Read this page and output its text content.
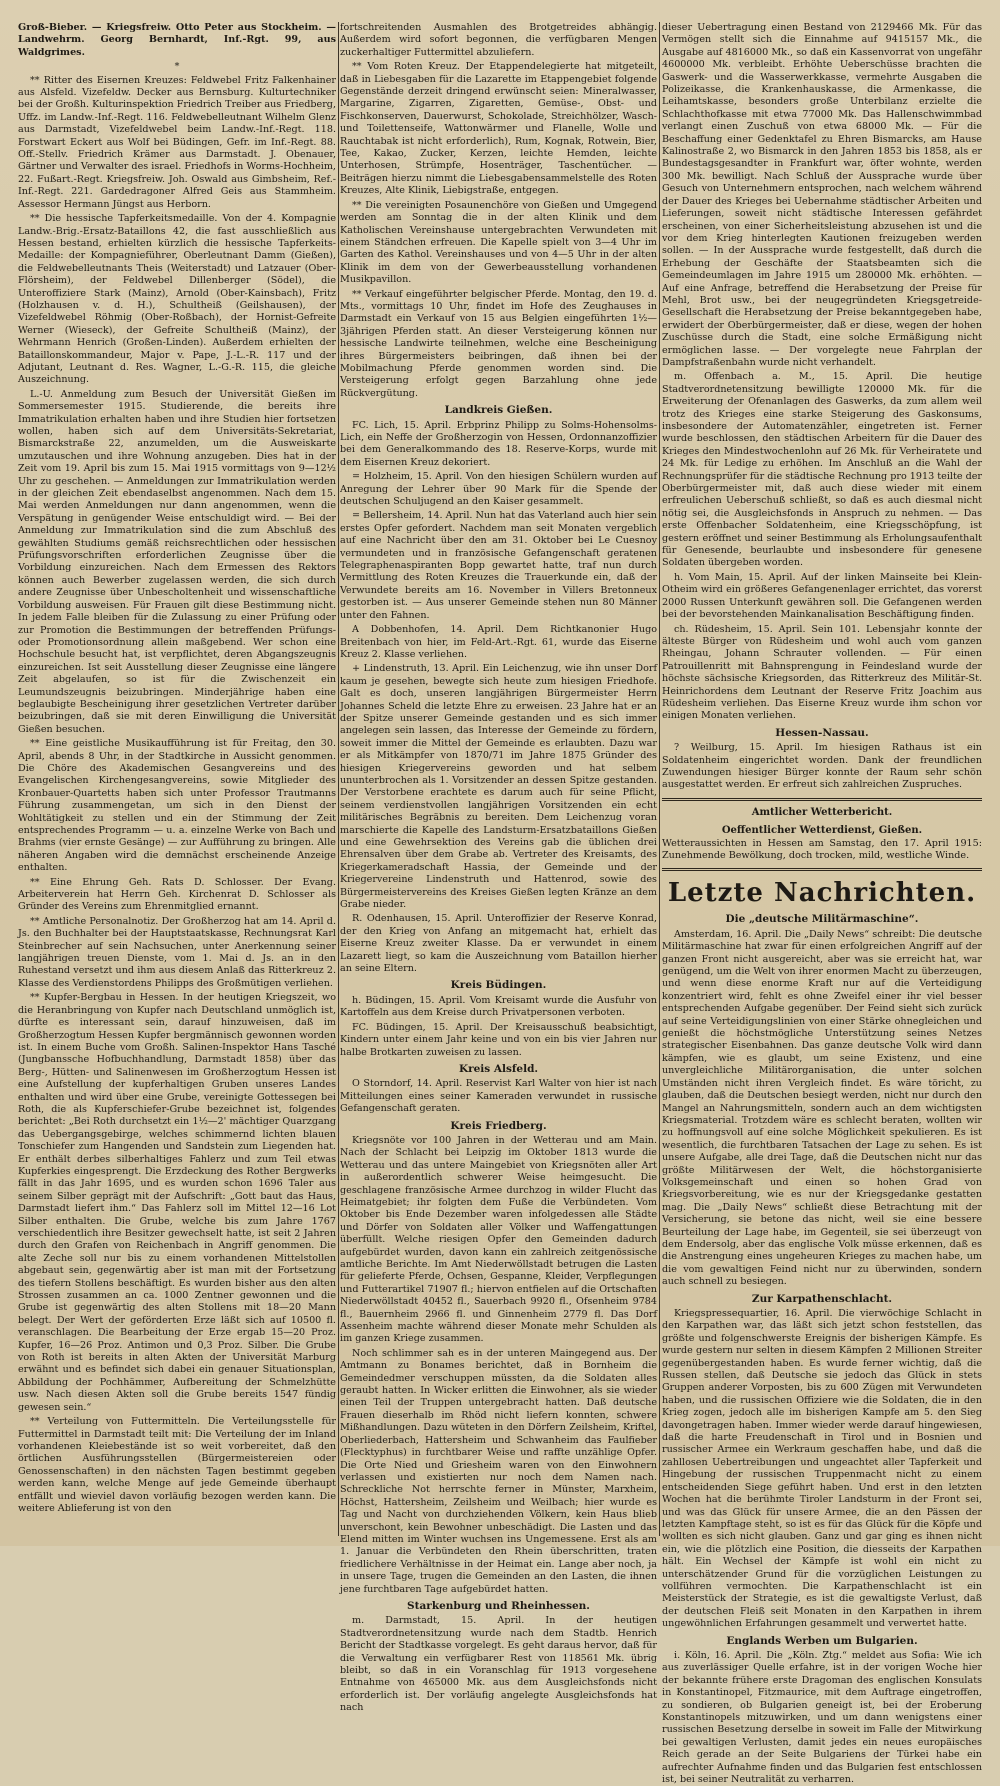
Groß-Bieber. — Kriegsfreiw. Otto Peter aus Stockheim. — Landwehrm. Georg Bernhardt, Inf.-Rgt. 99, aus Waldgrimes.

*

** Ritter des Eisernen Kreuzes: Feldwebel Fritz Falkenhainer aus Alsfeld. Vizefeldw. Decker aus Bernsburg. Kulturtechniker bei der Großh. Kulturinspektion Friedrich Treiber aus Friedberg, Uffz. im Landw.-Inf.-Regt. 116. Feldwebelleutnant Wilhelm Glenz aus Darmstadt, Vizefeldwebel beim Landw.-Inf.-Regt. 118. Forstwart Eckert aus Wolf bei Büdingen, Gefr. im Inf.-Regt. 88. Off.-Stellv. Friedrich Krämer aus Darmstadt. J. Obenauer, Gärtner und Verwalter des israel. Friedhofs in Worms-Hochheim, 22. Fußart.-Regt. Kriegsfreiw. Joh. Oswald aus Gimbsheim, Ref.-Inf.-Regt. 221. Gardedragoner Alfred Geis aus Stammheim. Assessor Hermann Jüngst aus Herborn.

** Die hessische Tapferkeitsmedaille. Von der 4. Kompagnie Landw.-Brig.-Ersatz-Bataillons 42, die fast ausschließlich aus Hessen bestand, erhielten kürzlich die hessische Tapferkeits-Medaille: der Kompagnieführer, Oberleutnant Damm (Gießen), die Feldwebelleutnants Theis (Weiterstadt) und Latzauer (Ober-Flörsheim), der Feldwebel Dillenberger (Södel), die Unteroffiziere Stark (Mainz), Arnold (Ober-Kainsbach), Fritz (Holzhausen v. d. H.), Schultheiß (Geilshausen), der Vizefeldwebel Röhmig (Ober-Roßbach), der Hornist-Gefreite Werner (Wieseck), der Gefreite Schultheiß (Mainz), der Wehrmann Henrich (Großen-Linden). Außerdem erhielten der Bataillonskommandeur, Major v. Pape, J.-L.-R. 117 und der Adjutant, Leutnant d. Res. Wagner, L.-G.-R. 115, die gleiche Auszeichnung.

L.-U. Anmeldung zum Besuch der Universität Gießen im Sommersemester 1915. Studierende, die bereits ihre Immatrikulation erhalten haben und ihre Studien hier fortsetzen wollen, haben sich auf dem Universitäts-Sekretariat, Bismarckstraße 22, anzumelden, um die Ausweiskarte umzutauschen und ihre Wohnung anzugeben. Dies hat in der Zeit vom 19. April bis zum 15. Mai 1915 vormittags von 9—12½ Uhr zu geschehen. — Anmeldungen zur Immatrikulation werden in der gleichen Zeit ebendaselbst angenommen. Nach dem 15. Mai werden Anmeldungen nur dann angenommen, wenn die Verspätung in genügender Weise entschuldigt wird. — Bei der Anmeldung zur Immatrikulation sind die zum Abschluß des gewählten Studiums gemäß reichsrechtlichen oder hessischen Prüfungsvorschriften erforderlichen Zeugnisse über die Vorbildung einzureichen. Nach dem Ermessen des Rektors können auch Bewerber zugelassen werden, die sich durch andere Zeugnisse über Unbescholtenheit und wissenschaftliche Vorbildung ausweisen. Für Frauen gilt diese Bestimmung nicht. In jedem Falle bleiben für die Zulassung zu einer Prüfung oder zur Promotion die Bestimmungen der betreffenden Prüfungs- oder Promotionsordnung allein maßgebend. Wer schon eine Hochschule besucht hat, ist verpflichtet, deren Abgangszeugnis einzureichen. Ist seit Ausstellung dieser Zeugnisse eine längere Zeit abgelaufen, so ist für die Zwischenzeit ein Leumundszeugnis beizubringen. Minderjährige haben eine beglaubigte Bescheinigung ihrer gesetzlichen Vertreter darüber beizubringen, daß sie mit deren Einwilligung die Universität Gießen besuchen.

** Eine geistliche Musikaufführung ist für Freitag, den 30. April, abends 8 Uhr, in der Stadtkirche in Aussicht genommen. Die Chöre des Akademischen Gesangvereins und des Evangelischen Kirchengesangvereins, sowie Mitglieder des Kronbauer-Quartetts haben sich unter Professor Trautmanns Führung zusammengetan, um sich in den Dienst der Wohltätigkeit zu stellen und ein der Stimmung der Zeit entsprechendes Programm — u. a. einzelne Werke von Bach und Brahms (vier ernste Gesänge) — zur Aufführung zu bringen. Alle näheren Angaben wird die demnächst erscheinende Anzeige enthalten.

** Eine Ehrung Geh. Rats D. Schlosser. Der Evang. Arbeiterverein hat Herrn Geh. Kirchenrat D. Schlosser als Gründer des Vereins zum Ehrenmitglied ernannt.

** Amtliche Personalnotiz. Der Großherzog hat am 14. April d. Js. den Buchhalter bei der Hauptstaatskasse, Rechnungsrat Karl Steinbrecher auf sein Nachsuchen, unter Anerkennung seiner langjährigen treuen Dienste, vom 1. Mai d. Js. an in den Ruhestand versetzt und ihm aus diesem Anlaß das Ritterkreuz 2. Klasse des Verdienstordens Philipps des Großmütigen verliehen.

** Kupfer-Bergbau in Hessen. In der heutigen Kriegszeit, wo die Heranbringung von Kupfer nach Deutschland unmöglich ist, dürfte es interessant sein, darauf hinzuweisen, daß im Großherzogtum Hessen Kupfer bergmännisch gewonnen worden ist. In einem Buche vom Großh. Salinen-Inspektor Hans Tasché (Jungbanssche Hofbuchhandlung, Darmstadt 1858) über das Berg-, Hütten- und Salinenwesen im Großherzogtum Hessen ist eine Aufstellung der kupferhaltigen Gruben unseres Landes enthalten und wird über eine Grube, vereinigte Gottessegen bei Roth, die als Kupferschiefer-Grube bezeichnet ist, folgendes berichtet: „Bei Roth durchsetzt ein 1½—2' mächtiger Quarzgang das Uebergangsgebirge, welches schimmernd lichten blauen Tonschiefer zum Hangenden und Sandstein zum Liegenden hat. Er enthält derbes silberhaltiges Fahlerz und zum Teil etwas Kupferkies eingesprengt. Die Erzdeckung des Rother Bergwerks fällt in das Jahr 1695, und es wurden schon 1696 Taler aus seinem Silber geprägt mit der Aufschrift: „Gott baut das Haus, Darmstadt liefert ihm.“ Das Fahlerz soll im Mittel 12—16 Lot Silber enthalten. Die Grube, welche bis zum Jahre 1767 verschiedentlich ihre Besitzer gewechselt hatte, ist seit 2 Jahren durch den Grafen von Reichenbach in Angriff genommen. Die alte Zeche soll nur bis zu einem vorhandenen Mittelstollen abgebaut sein, gegenwärtig aber ist man mit der Fortsetzung des tiefern Stollens beschäftigt. Es wurden bisher aus den alten Strossen zusammen an ca. 1000 Zentner gewonnen und die Grube ist gegenwärtig des alten Stollens mit 18—20 Mann belegt. Der Wert der geförderten Erze läßt sich auf 10500 fl. veranschlagen. Die Bearbeitung der Erze ergab 15—20 Proz. Kupfer, 16—26 Proz. Antimon und 0,3 Proz. Silber. Die Grube von Roth ist bereits in alten Akten der Universität Marburg erwähnt und es befindet sich dabei ein genauer Situationsplan, Abbildung der Pochhämmer, Aufbereitung der Schmelzhütte usw. Nach diesen Akten soll die Grube bereits 1547 fündig gewesen sein.“

** Verteilung von Futtermitteln. Die Verteilungsstelle für Futtermittel in Darmstadt teilt mit: Die Verteilung der im Inland vorhandenen Kleiebestände ist so weit vorbereitet, daß den örtlichen Ausführungsstellen (Bürgermeistereien oder Genossenschaften) in den nächsten Tagen bestimmt gegeben werden kann, welche Menge auf jede Gemeinde überhaupt entfällt und wieviel davon vorläufig bezogen werden kann. Die weitere Ablieferung ist von den

fortschreitenden Ausmahlen des Brotgetreides abhängig. Außerdem wird sofort begonnen, die verfügbaren Mengen zuckerhaltiger Futtermittel abzuliefern.

** Vom Roten Kreuz. Der Etappendelegierte hat mitgeteilt, daß in Liebesgaben für die Lazarette im Etappengebiet folgende Gegenstände derzeit dringend erwünscht seien: Mineralwasser, Margarine, Zigarren, Zigaretten, Gemüse-, Obst- und Fischkonserven, Dauerwurst, Schokolade, Streichhölzer, Wasch- und Toilettenseife, Wattonwärmer und Flanelle, Wolle und Rauchtabak ist nicht erforderlich), Rum, Kognak, Rotwein, Bier, Tee, Kakao, Zucker, Kerzen, leichte Hemden, leichte Unterhosen, Strümpfe, Hosenträger, Taschentücher. — Beiträgen hierzu nimmt die Liebesgabensammelstelle des Roten Kreuzes, Alte Klinik, Liebigstraße, entgegen.

** Die vereinigten Posaunenchöre von Gießen und Umgegend werden am Sonntag die in der alten Klinik und dem Katholischen Vereinshause untergebrachten Verwundeten mit einem Ständchen erfreuen. Die Kapelle spielt von 3—4 Uhr im Garten des Kathol. Vereinshauses und von 4—5 Uhr in der alten Klinik im dem von der Gewerbeausstellung vorhandenen Musikpavillon.

** Verkauf eingeführter belgischer Pferde. Montag, den 19. d. Mts., vormittags 10 Uhr, findet im Hofe des Zeughauses in Darmstadt ein Verkauf von 15 aus Belgien eingeführten 1½—3jährigen Pferden statt. An dieser Versteigerung können nur hessische Landwirte teilnehmen, welche eine Bescheinigung ihres Bürgermeisters beibringen, daß ihnen bei der Mobilmachung Pferde genommen worden sind. Die Versteigerung erfolgt gegen Barzahlung ohne jede Rückvergütung.

Landkreis Gießen.

FC. Lich, 15. April. Erbprinz Philipp zu Solms-Hohensolms-Lich, ein Neffe der Großherzogin von Hessen, Ordonnanzoffizier bei dem Generalkommando des 18. Reserve-Korps, wurde mit dem Eisernen Kreuz dekoriert.

= Holzheim, 15. April. Von den hiesigen Schülern wurden auf Anregung der Lehrer über 90 Mark für die Spende der deutschen Schuljugend an den Kaiser gesammelt.

= Bellersheim, 14. April. Nun hat das Vaterland auch hier sein erstes Opfer gefordert. Nachdem man seit Monaten vergeblich auf eine Nachricht über den am 31. Oktober bei Le Cuesnoy vermundeten und in französische Gefangenschaft geratenen Telegraphenaspiranten Bopp gewartet hatte, traf nun durch Vermittlung des Roten Kreuzes die Trauerkunde ein, daß der Verwundete bereits am 16. November in Villers Bretonneux gestorben ist. — Aus unserer Gemeinde stehen nun 80 Männer unter den Fahnen.

A Dobbenhofen, 14. April. Dem Richtkanonier Hugo Breitenbach von hier, im Feld-Art.-Rgt. 61, wurde das Eiserne Kreuz 2. Klasse verliehen.

+ Lindenstruth, 13. April. Ein Leichenzug, wie ihn unser Dorf kaum je gesehen, bewegte sich heute zum hiesigen Friedhofe. Galt es doch, unseren langjährigen Bürgermeister Herrn Johannes Scheld die letzte Ehre zu erweisen. 23 Jahre hat er an der Spitze unserer Gemeinde gestanden und es sich immer angelegen sein lassen, das Interesse der Gemeinde zu fördern, soweit immer die Mittel der Gemeinde es erlaubten. Dazu war er als Mitkämpfer von 1870/71 im Jahre 1875 Gründer des hiesigen Kriegervereins geworden und hat selbem ununterbrochen als 1. Vorsitzender an dessen Spitze gestanden. Der Verstorbene erachtete es darum auch für seine Pflicht, seinem verdienstvollen langjährigen Vorsitzenden ein echt militärisches Begräbnis zu bereiten. Dem Leichenzug voran marschierte die Kapelle des Landsturm-Ersatzbataillons Gießen und eine Gewehrsektion des Vereins gab die üblichen drei Ehrensalven über dem Grabe ab. Vertreter des Kreisamts, des Kriegerkameradschaft Hassia, der Gemeinde und der Kriegervereine Lindenstruth und Hattenrod, sowie des Bürgermeistervereins des Kreises Gießen legten Kränze an dem Grabe nieder.

R. Odenhausen, 15. April. Unteroffizier der Reserve Konrad, der den Krieg von Anfang an mitgemacht hat, erhielt das Eiserne Kreuz zweiter Klasse. Da er verwundet in einem Lazarett liegt, so kam die Auszeichnung vom Bataillon hierher an seine Eltern.

Kreis Büdingen.

h. Büdingen, 15. April. Vom Kreisamt wurde die Ausfuhr von Kartoffeln aus dem Kreise durch Privatpersonen verboten.

FC. Büdingen, 15. April. Der Kreisausschuß beabsichtigt, Kindern unter einem Jahr keine und von ein bis vier Jahren nur halbe Brotkarten zuweisen zu lassen.

Kreis Alsfeld.

O Storndorf, 14. April. Reservist Karl Walter von hier ist nach Mitteilungen eines seiner Kameraden verwundet in russische Gefangenschaft geraten.

Kreis Friedberg.

Kriegsnöte vor 100 Jahren in der Wetterau und am Main. Nach der Schlacht bei Leipzig im Oktober 1813 wurde die Wetterau und das untere Maingebiet von Kriegsnöten aller Art in außerordentlich schwerer Weise heimgesucht. Die geschlagene französische Armee durchzog in wilder Flucht das Heimatgebiet; ihr folgten dem Fuße die Verbündeten. Vom Oktober bis Ende Dezember waren infolgedessen alle Städte und Dörfer von Soldaten aller Völker und Waffengattungen überfüllt. Welche riesigen Opfer den Gemeinden dadurch aufgebürdet wurden, davon kann ein zahlreich zeitgenössische amtliche Berichte. Im Amt Niederwöllstadt betrugen die Lasten für gelieferte Pferde, Ochsen, Gespanne, Kleider, Verpflegungen und Futterartikel 71907 fl.; hiervon entfielen auf die Ortschaften Niederwöllstadt 40452 fl., Sauerbach 9920 fl., Ofsenheim 9784 fl., Bauernheim 2966 fl. und Ginnenheim 2779 fl. Das Dorf Assenheim machte während dieser Monate mehr Schulden als im ganzen Kriege zusammen.

Noch schlimmer sah es in der unteren Maingegend aus. Der Amtmann zu Bonames berichtet, daß in Bornheim die Gemeindedmer verschuppen müssten, da die Soldaten alles geraubt hatten. In Wicker erlitten die Einwohner, als sie wieder einen Teil der Truppen untergebracht hatten. Daß deutsche Frauen dieserhalb im Rhöd nicht liefern konnten, schwere Mißhandlungen. Dazu wüteten in den Dörfern Zeilsheim, Kriftel, Oberliederbach, Hattersheim und Schwanheim das Faulfieber (Flecktyphus) in furchtbarer Weise und raffte unzählige Opfer. Die Orte Nied und Griesheim waren von den Einwohnern verlassen und existierten nur noch dem Namen nach. Schreckliche Not herrschte ferner in Münster, Marxheim, Höchst, Hattersheim, Zeilsheim und Weilbach; hier wurde es Tag und Nacht von durchziehenden Völkern, kein Haus blieb unverschont, kein Bewohner unbeschädigt. Die Lasten und das Elend mitten im Winter wuchsen ins Ungemessene. Erst als am 1. Januar die Verbündeten den Rhein überschritten, traten friedlichere Verhältnisse in der Heimat ein. Lange aber noch, ja in unsere Tage, trugen die Gemeinden an den Lasten, die ihnen jene furchtbaren Tage aufgebürdet hatten.

Starkenburg und Rheinhessen.

m. Darmstadt, 15. April. In der heutigen Stadtverordnetensitzung wurde nach dem Stadtb. Henrich Bericht der Stadtkasse vorgelegt. Es geht daraus hervor, daß für die Verwaltung ein verfügbarer Rest von 118561 Mk. übrig bleibt, so daß in ein Voranschlag für 1913 vorgesehene Entnahme von 465000 Mk. aus dem Ausgleichsfonds nicht erforderlich ist. Der vorläufig angelegte Ausgleichsfonds hat nach

dieser Uebertragung einen Bestand von 2129466 Mk. Für das Vermögen stellt sich die Einnahme auf 9415157 Mk., die Ausgabe auf 4816000 Mk., so daß ein Kassenvorrat von ungefähr 4600000 Mk. verbleibt. Erhöhte Ueberschüsse brachten die Gaswerk- und die Wasserwerkkasse, vermehrte Ausgaben die Polizeikasse, die Krankenhauskasse, die Armenkasse, die Leihamtskasse, besonders große Unterbilanz erzielte die Schlachthofkasse mit etwa 77000 Mk. Das Hallenschwimmbad verlangt einen Zuschuß von etwa 68000 Mk. — Für die Beschaffung einer Gedenktafel zu Ehren Bismarcks, am Hause Kalinostraße 2, wo Bismarck in den Jahren 1853 bis 1858, als er Bundestagsgesandter in Frankfurt war, öfter wohnte, werden 300 Mk. bewilligt. Nach Schluß der Aussprache wurde über Gesuch von Unternehmern entsprochen, nach welchem während der Dauer des Krieges bei Uebernahme städtischer Arbeiten und Lieferungen, soweit nicht städtische Interessen gefährdet erscheinen, von einer Sicherheitsleistung abzusehen ist und die vor dem Krieg hinterlegten Kautionen freizugeben werden sollen. — In der Aussprache wurde festgestellt, daß durch die Erhebung der Geschäfte der Staatsbeamten sich die Gemeindeumlagen im Jahre 1915 um 280000 Mk. erhöhten. — Auf eine Anfrage, betreffend die Herabsetzung der Preise für Mehl, Brot usw., bei der neugegründeten Kriegsgetreide-Gesellschaft die Herabsetzung der Preise bekanntgegeben habe, erwidert der Oberbürgermeister, daß er diese, wegen der hohen Zuschüsse durch die Stadt, eine solche Ermäßigung nicht ermöglichen lasse. — Der vorgelegte neue Fahrplan der Dampfstraßenbahn wurde nicht verhandelt.

m. Offenbach a. M., 15. April. Die heutige Stadtverordnetensitzung bewilligte 120000 Mk. für die Erweiterung der Ofenanlagen des Gaswerks, da zum allem weil trotz des Krieges eine starke Steigerung des Gaskonsums, insbesondere der Automatenzähler, eingetreten ist. Ferner wurde beschlossen, den städtischen Arbeitern für die Dauer des Krieges den Mindestwochenlohn auf 26 Mk. für Verheiratete und 24 Mk. für Ledige zu erhöhen. Im Anschluß an die Wahl der Rechnungsprüfer für die städtische Rechnung pro 1913 teilte der Oberbürgermeister mit, daß auch diese wieder mit einem erfreulichen Ueberschuß schließt, so daß es auch diesmal nicht nötig sei, die Ausgleichsfonds in Anspruch zu nehmen. — Das erste Offenbacher Soldatenheim, eine Kriegsschöpfung, ist gestern eröffnet und seiner Bestimmung als Erholungsaufenthalt für Genesende, beurlaubte und insbesondere für genesene Soldaten übergeben worden.

h. Vom Main, 15. April. Auf der linken Mainseite bei Klein-Otheim wird ein größeres Gefangenenlager errichtet, das vorerst 2000 Russen Unterkunft gewähren soll. Die Gefangenen werden bei der bevorstehenden Mainkanalisation Beschäftigung finden.

ch. Rüdesheim, 15. April. Sein 101. Lebensjahr konnte der älteste Bürger von Rüdesheim und wohl auch vom ganzen Rheingau, Johann Schrauter vollenden. — Für einen Patrouillenritt mit Bahnsprengung in Feindesland wurde der höchste sächsische Kriegsorden, das Ritterkreuz des Militär-St. Heinrichordens dem Leutnant der Reserve Fritz Joachim aus Rüdesheim verliehen. Das Eiserne Kreuz wurde ihm schon vor einigen Monaten verliehen.

Hessen-Nassau.

? Weilburg, 15. April. Im hiesigen Rathaus ist ein Soldatenheim eingerichtet worden. Dank der freundlichen Zuwendungen hiesiger Bürger konnte der Raum sehr schön ausgestattet werden. Er erfreut sich zahlreichen Zuspruches.

Amtlicher Wetterbericht.
Oeffentlicher Wetterdienst, Gießen.

Wetteraussichten in Hessen am Samstag, den 17. April 1915: Zunehmende Bewölkung, doch trocken, mild, westliche Winde.

Letzte Nachrichten.
Die „deutsche Militärmaschine“.

Amsterdam, 16. April. Die „Daily News“ schreibt: Die deutsche Militärmaschine hat zwar für einen erfolgreichen Angriff auf der ganzen Front nicht ausgereicht, aber was sie erreicht hat, war genügend, um die Welt von ihrer enormen Macht zu überzeugen, und wenn diese enorme Kraft nur auf die Verteidigung konzentriert wird, fehlt es ohne Zweifel einer ihr viel besser entsprechenden Aufgabe gegenüber. Der Feind sieht sich zurück auf seine Verteidigungslinien von einer Stärke ohnegleichen und genießt die höchstmögliche Unterstützung seines Netzes strategischer Eisenbahnen. Das ganze deutsche Volk wird dann kämpfen, wie es glaubt, um seine Existenz, und eine unvergleichliche Militärorganisation, die unter solchen Umständen nicht ihren Vergleich findet. Es wäre töricht, zu glauben, daß die Deutschen besiegt werden, nicht nur durch den Mangel an Nahrungsmitteln, sondern auch an dem wichtigsten Kriegsmaterial. Trotzdem wäre es schlecht beraten, wollten wir zu hoffnungsvoll auf eine solche Möglichkeit spekulieren. Es ist wesentlich, die furchtbaren Tatsachen der Lage zu sehen. Es ist unsere Aufgabe, alle drei Tage, daß die Deutschen nicht nur das größte Militärwesen der Welt, die höchstorganisierte Volksgemeinschaft und einen so hohen Grad von Kriegsvorbereitung, wie es nur der Kriegsgedanke gestatten mag. Die „Daily News“ schließt diese Betrachtung mit der Versicherung, sie betone das nicht, weil sie eine bessere Beurteilung der Lage habe, im Gegenteil, sie sei überzeugt von dem Endersolg, aber das englische Volk müsse erkennen, daß es die Anstrengung eines ungeheuren Krieges zu machen habe, um die vom gewaltigen Feind nicht nur zu überwinden, sondern auch schnell zu besiegen.

Zur Karpathenschlacht.

Kriegspressequartier, 16. April. Die vierwöchige Schlacht in den Karpathen war, das läßt sich jetzt schon feststellen, das größte und folgenschwerste Ereignis der bisherigen Kämpfe. Es wurde gestern nur selten in diesem Kämpfen 2 Millionen Streiter gegenübergestanden haben. Es wurde ferner wichtig, daß die Russen stellen, daß Deutsche sie jedoch das Glück in stets Gruppen anderer Vorposten, bis zu 600 Zügen mit Verwundeten haben, und die russischen Offiziere wie die Soldaten, die in den Krieg zogen, jedoch alle im bisherigen Kampfe am 5. den Sieg davongetragen haben. Immer wieder werde darauf hingewiesen, daß die harte Freudenschaft in Tirol und in Bosnien und russischer Armee ein Werkraum geschaffen habe, und daß die zahllosen Uebertreibungen und ungeachtet aller Tapferkeit und Hingebung der russischen Truppenmacht nicht zu einem entscheidenden Siege geführt haben. Und erst in den letzten Wochen hat die berühmte Tiroler Landsturm in der Front sei, und was das Glück für unsere Armee, die an den Pässen der letzten Kampftage steht, so ist es für das Glück für die Köpfe und wollten es sich nicht glauben. Ganz und gar ging es ihnen nicht ein, wie die plötzlich eine Position, die diesseits der Karpathen hält. Ein Wechsel der Kämpfe ist wohl ein nicht zu unterschätzender Grund für die vorzüglichen Leistungen zu vollführen vermochten. Die Karpathenschlacht ist ein Meisterstück der Strategie, es ist die gewaltigste Verlust, daß der deutschen Fleiß seit Monaten in den Karpathen in ihrem ungewöhnlichen Erfahrungen gesammelt und verwertet hatte.

Englands Werben um Bulgarien.

i. Köln, 16. April. Die „Köln. Ztg.“ meldet aus Sofia: Wie ich aus zuverlässiger Quelle erfahre, ist in der vorigen Woche hier der bekannte frühere erste Dragoman des englischen Konsulats in Konstantinopel, Fitzmaurice, mit dem Auftrage eingetroffen, zu sondieren, ob Bulgarien geneigt ist, bei der Eroberung Konstantinopels mitzuwirken, und um dann wenigstens einer russischen Besetzung derselbe in soweit im Falle der Mitwirkung bei gewaltigen Verlusten, damit jedes ein neues europäisches Reich gerade an der Seite Bulgariens der Türkei habe ein aufrechter Aufnahme finden und das Bulgarien fest entschlossen ist, bei seiner Neutralität zu verharren.
